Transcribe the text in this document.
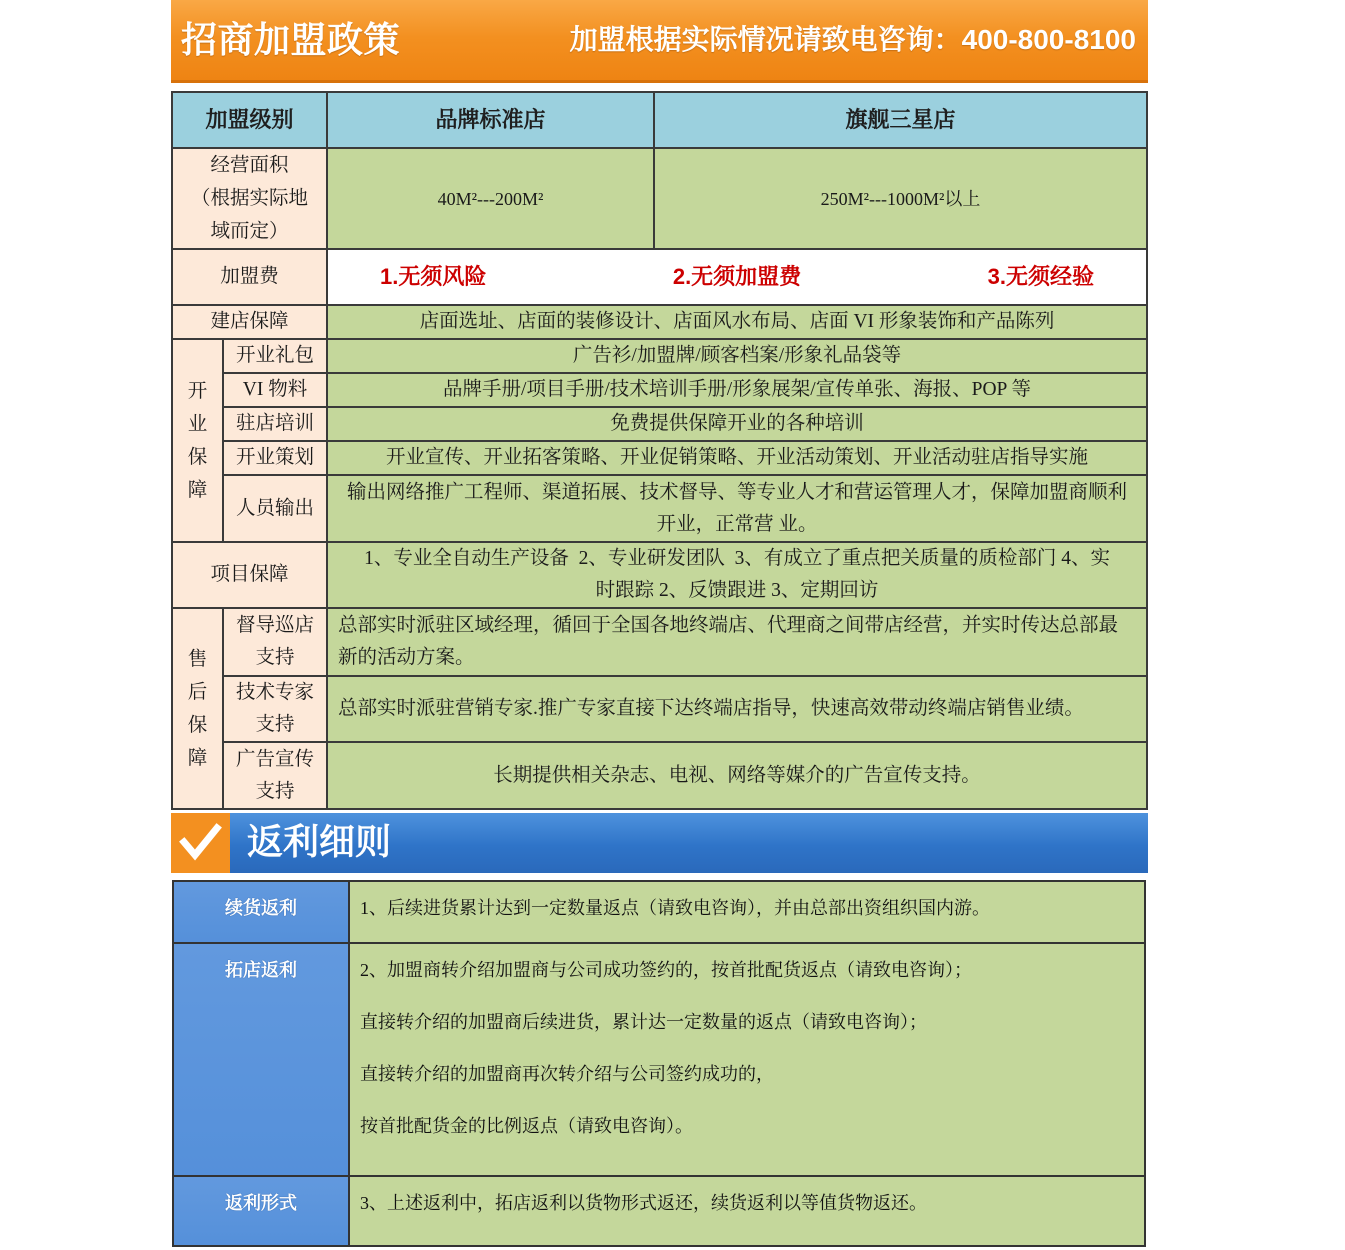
招商加盟政策	加盟根据实际情况请致电咨询：400-800-8100
加盟级别		品牌标准店	旗舰三星店

经营面积
（根据实际地
域而定）		40M²---200M²	250M²---1000M²以上
加盟费		1.无须风险 2.无须加盟费 3.无须经验	

建店保障		店面选址、店面的装修设计、店面风水布局、店面 VI 形象装饰和产品陈列	

开业保障	开业礼包	广告衫/加盟牌/顾客档案/形象礼品袋等	

	VI 物料	品牌手册/项目手册/技术培训手册/形象展架/宣传单张、海报、POP 等	

	驻店培训	免费提供保障开业的各种培训	

	开业策划	开业宣传、开业拓客策略、开业促销策略、开业活动策划、开业活动驻店指导实施	

	人员输出	输出网络推广工程师、渠道拓展、技术督导、等专业人才和营运管理人才，保障加盟商顺利
开业，正常营 业。	

项目保障		1、专业全自动生产设备  2、专业研发团队  3、有成立了重点把关质量的质检部门 4、实
时跟踪 2、反馈跟进 3、定期回访	

售后保障	督导巡店
支持	总部实时派驻区域经理，循回于全国各地终端店、代理商之间带店经营，并实时传达总部最
新的活动方案。	

	技术专家
支持	总部实时派驻营销专家.推广专家直接下达终端店指导，快速高效带动终端店销售业绩。	

	广告宣传
支持	长期提供相关杂志、电视、网络等媒介的广告宣传支持。	
返利细则
续货返利	1、后续进货累计达到一定数量返点（请致电咨询），并由总部出资组织国内游。

拓店返利	2、加盟商转介绍加盟商与公司成功签约的，按首批配货返点（请致电咨询）；
直接转介绍的加盟商后续进货，累计达一定数量的返点（请致电咨询）；
直接转介绍的加盟商再次转介绍与公司签约成功的，
按首批配货金的比例返点（请致电咨询）。

返利形式	3、上述返利中，拓店返利以货物形式返还，续货返利以等值货物返还。
